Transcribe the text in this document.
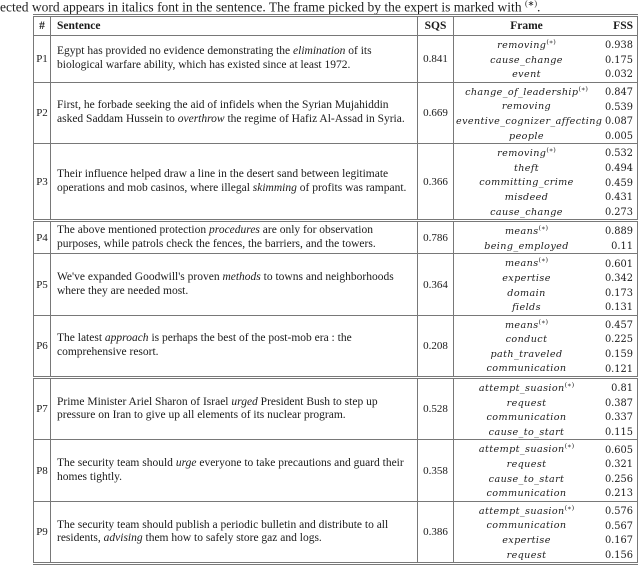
ected word appears in italics font in the sentence. The frame picked by the expert is marked with (∗).
#	Sentence	SQS	Frame FSS

P1	Egypt has provided no evidence demonstrating the elimination of its biological warfare ability, which has existed since at least 1972.	0.841	
removing(∗)	0.938
cause_change	0.175
event	0.032

P2	First, he forbade seeking the aid of infidels when the Syrian Mujahiddin asked Saddam Hussein to overthrow the regime of Hafiz Al-Assad in Syria.	0.669	
change_of_leadership(∗)	0.847
removing	0.539
eventive_cognizer_affecting 0.087
people	0.005

P3	Their influence helped draw a line in the desert sand between legitimate operations and mob casinos, where illegal skimming of profits was rampant.	0.366	
removing(∗)	0.532
theft	0.494
committing_crime	0.459
misdeed	0.431
cause_change	0.273

P4	The above mentioned protection procedures are only for observation purposes, while patrols check the fences, the barriers, and the towers.	0.786	means(∗) 0.889
being_employed 0.11

P5	We've expanded Goodwill's proven methods to towns and neighborhoods where they are needed most.	0.364	
means(∗)	0.601
expertise	0.342
domain	0.173
fields	0.131

P6	The latest approach is perhaps the best of the post-mob era : the comprehensive resort.	0.208	
means(∗)	0.457
conduct	0.225
path_traveled	0.159
communication	0.121

P7	Prime Minister Ariel Sharon of Israel urged President Bush to step up pressure on Iran to give up all elements of its nuclear program.	0.528	
attempt_suasion(∗)	0.81
request	0.387
communication	0.337
cause_to_start	0.115

P8	The security team should urge everyone to take precautions and guard their homes tightly.	0.358	
attempt_suasion(∗)	0.605
request	0.321
cause_to_start	0.256
communication	0.213

P9	The security team should publish a periodic bulletin and distribute to all residents, advising them how to safely store gaz and logs.	0.386	
attempt_suasion(∗)	0.576
communication	0.567
expertise	0.167
request	0.156
